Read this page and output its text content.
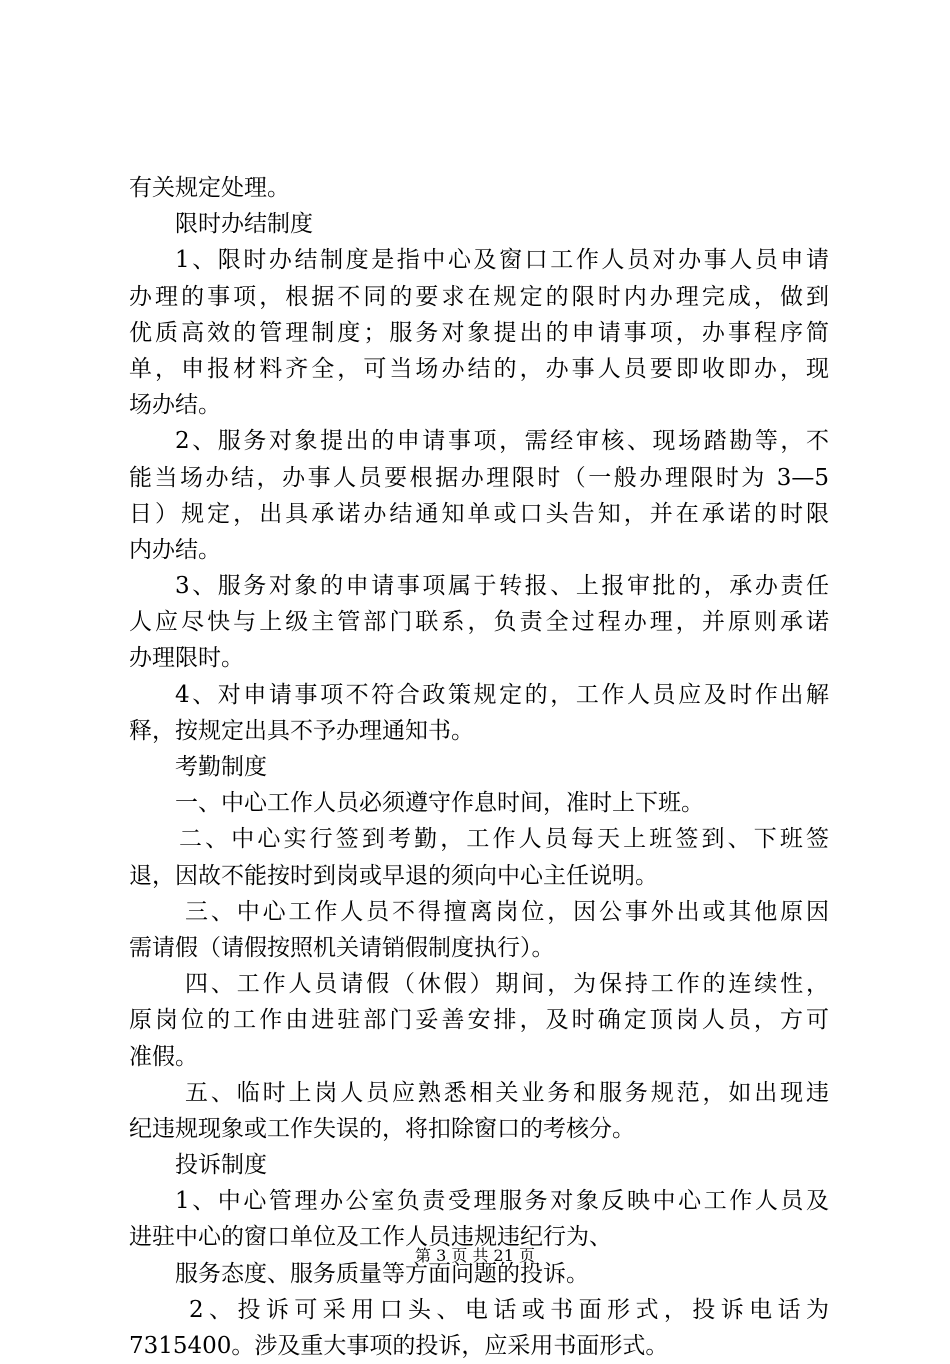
有关规定处理。
限时办结制度
1、限时办结制度是指中心及窗口工作人员对办事人员申请
办理的事项，根据不同的要求在规定的限时内办理完成，做到
优质高效的管理制度；服务对象提出的申请事项，办事程序简
单，申报材料齐全，可当场办结的，办事人员要即收即办，现
场办结。
2、服务对象提出的申请事项，需经审核、现场踏勘等，不
能当场办结，办事人员要根据办理限时（一般办理限时为 3—5
日）规定，出具承诺办结通知单或口头告知，并在承诺的时限
内办结。
3、服务对象的申请事项属于转报、上报审批的，承办责任
人应尽快与上级主管部门联系，负责全过程办理，并原则承诺
办理限时。
4、对申请事项不符合政策规定的，工作人员应及时作出解
释，按规定出具不予办理通知书。
考勤制度
一、中心工作人员必须遵守作息时间，准时上下班。
二、中心实行签到考勤，工作人员每天上班签到、下班签
退，因故不能按时到岗或早退的须向中心主任说明。
三、中心工作人员不得擅离岗位，因公事外出或其他原因
需请假（请假按照机关请销假制度执行）。
四、工作人员请假（休假）期间，为保持工作的连续性，
原岗位的工作由进驻部门妥善安排，及时确定顶岗人员，方可
准假。
五、临时上岗人员应熟悉相关业务和服务规范，如出现违
纪违规现象或工作失误的，将扣除窗口的考核分。
投诉制度
1、中心管理办公室负责受理服务对象反映中心工作人员及
进驻中心的窗口单位及工作人员违规违纪行为、
服务态度、服务质量等方面问题的投诉。
2、投诉可采用口头、电话或书面形式，投诉电话为
7315400。涉及重大事项的投诉，应采用书面形式。
第 3 页 共 21 页
